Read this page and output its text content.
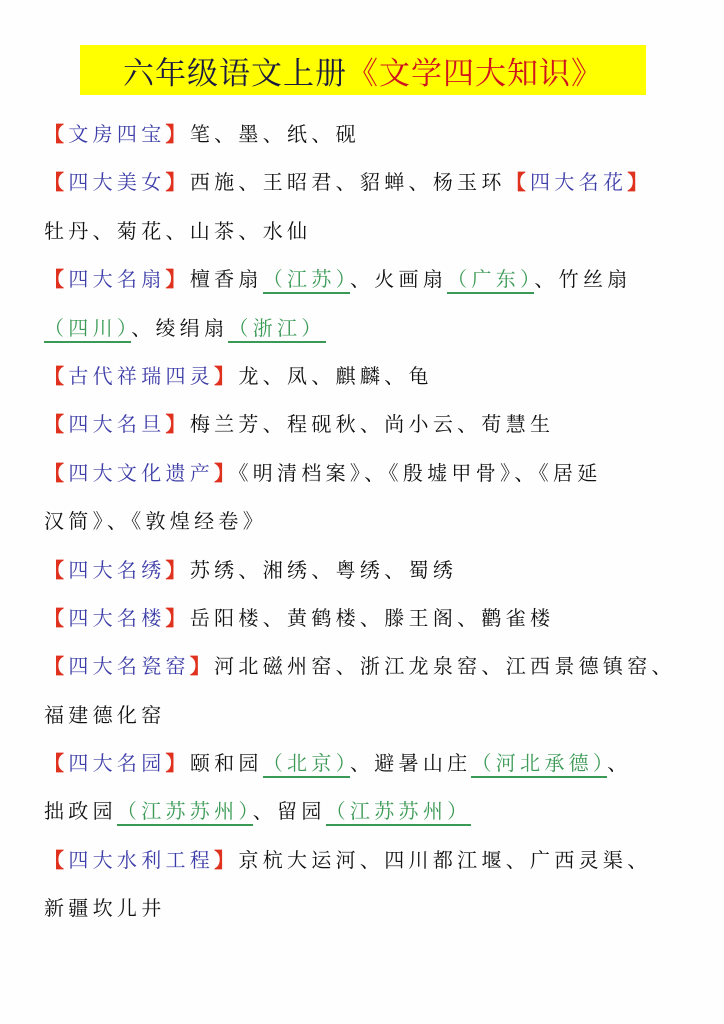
六年级语文上册 《文学四大知识》
【文房四宝】笔、墨、纸、砚
【四大美女】西施、王昭君、貂蝉、杨玉环【四大名花】
牡丹、菊花、山茶、水仙
【四大名扇】檀香扇（江苏）、火画扇（广东）、竹丝扇
（四川）、绫绢扇（浙江）
【古代祥瑞四灵】龙、凤、麒麟、龟
【四大名旦】梅兰芳、程砚秋、尚小云、荀慧生
【四大文化遗产】《明清档案》、《殷墟甲骨》、《居延
汉简》、《敦煌经卷》
【四大名绣】苏绣、湘绣、粤绣、蜀绣
【四大名楼】岳阳楼、黄鹤楼、滕王阁、鹳雀楼
【四大名瓷窑】河北磁州窑、浙江龙泉窑、江西景德镇窑、
福建德化窑
【四大名园】颐和园（北京）、避暑山庄（河北承德）、
拙政园（江苏苏州）、留园（江苏苏州）
【四大水利工程】京杭大运河、四川都江堰、广西灵渠、
新疆坎儿井
